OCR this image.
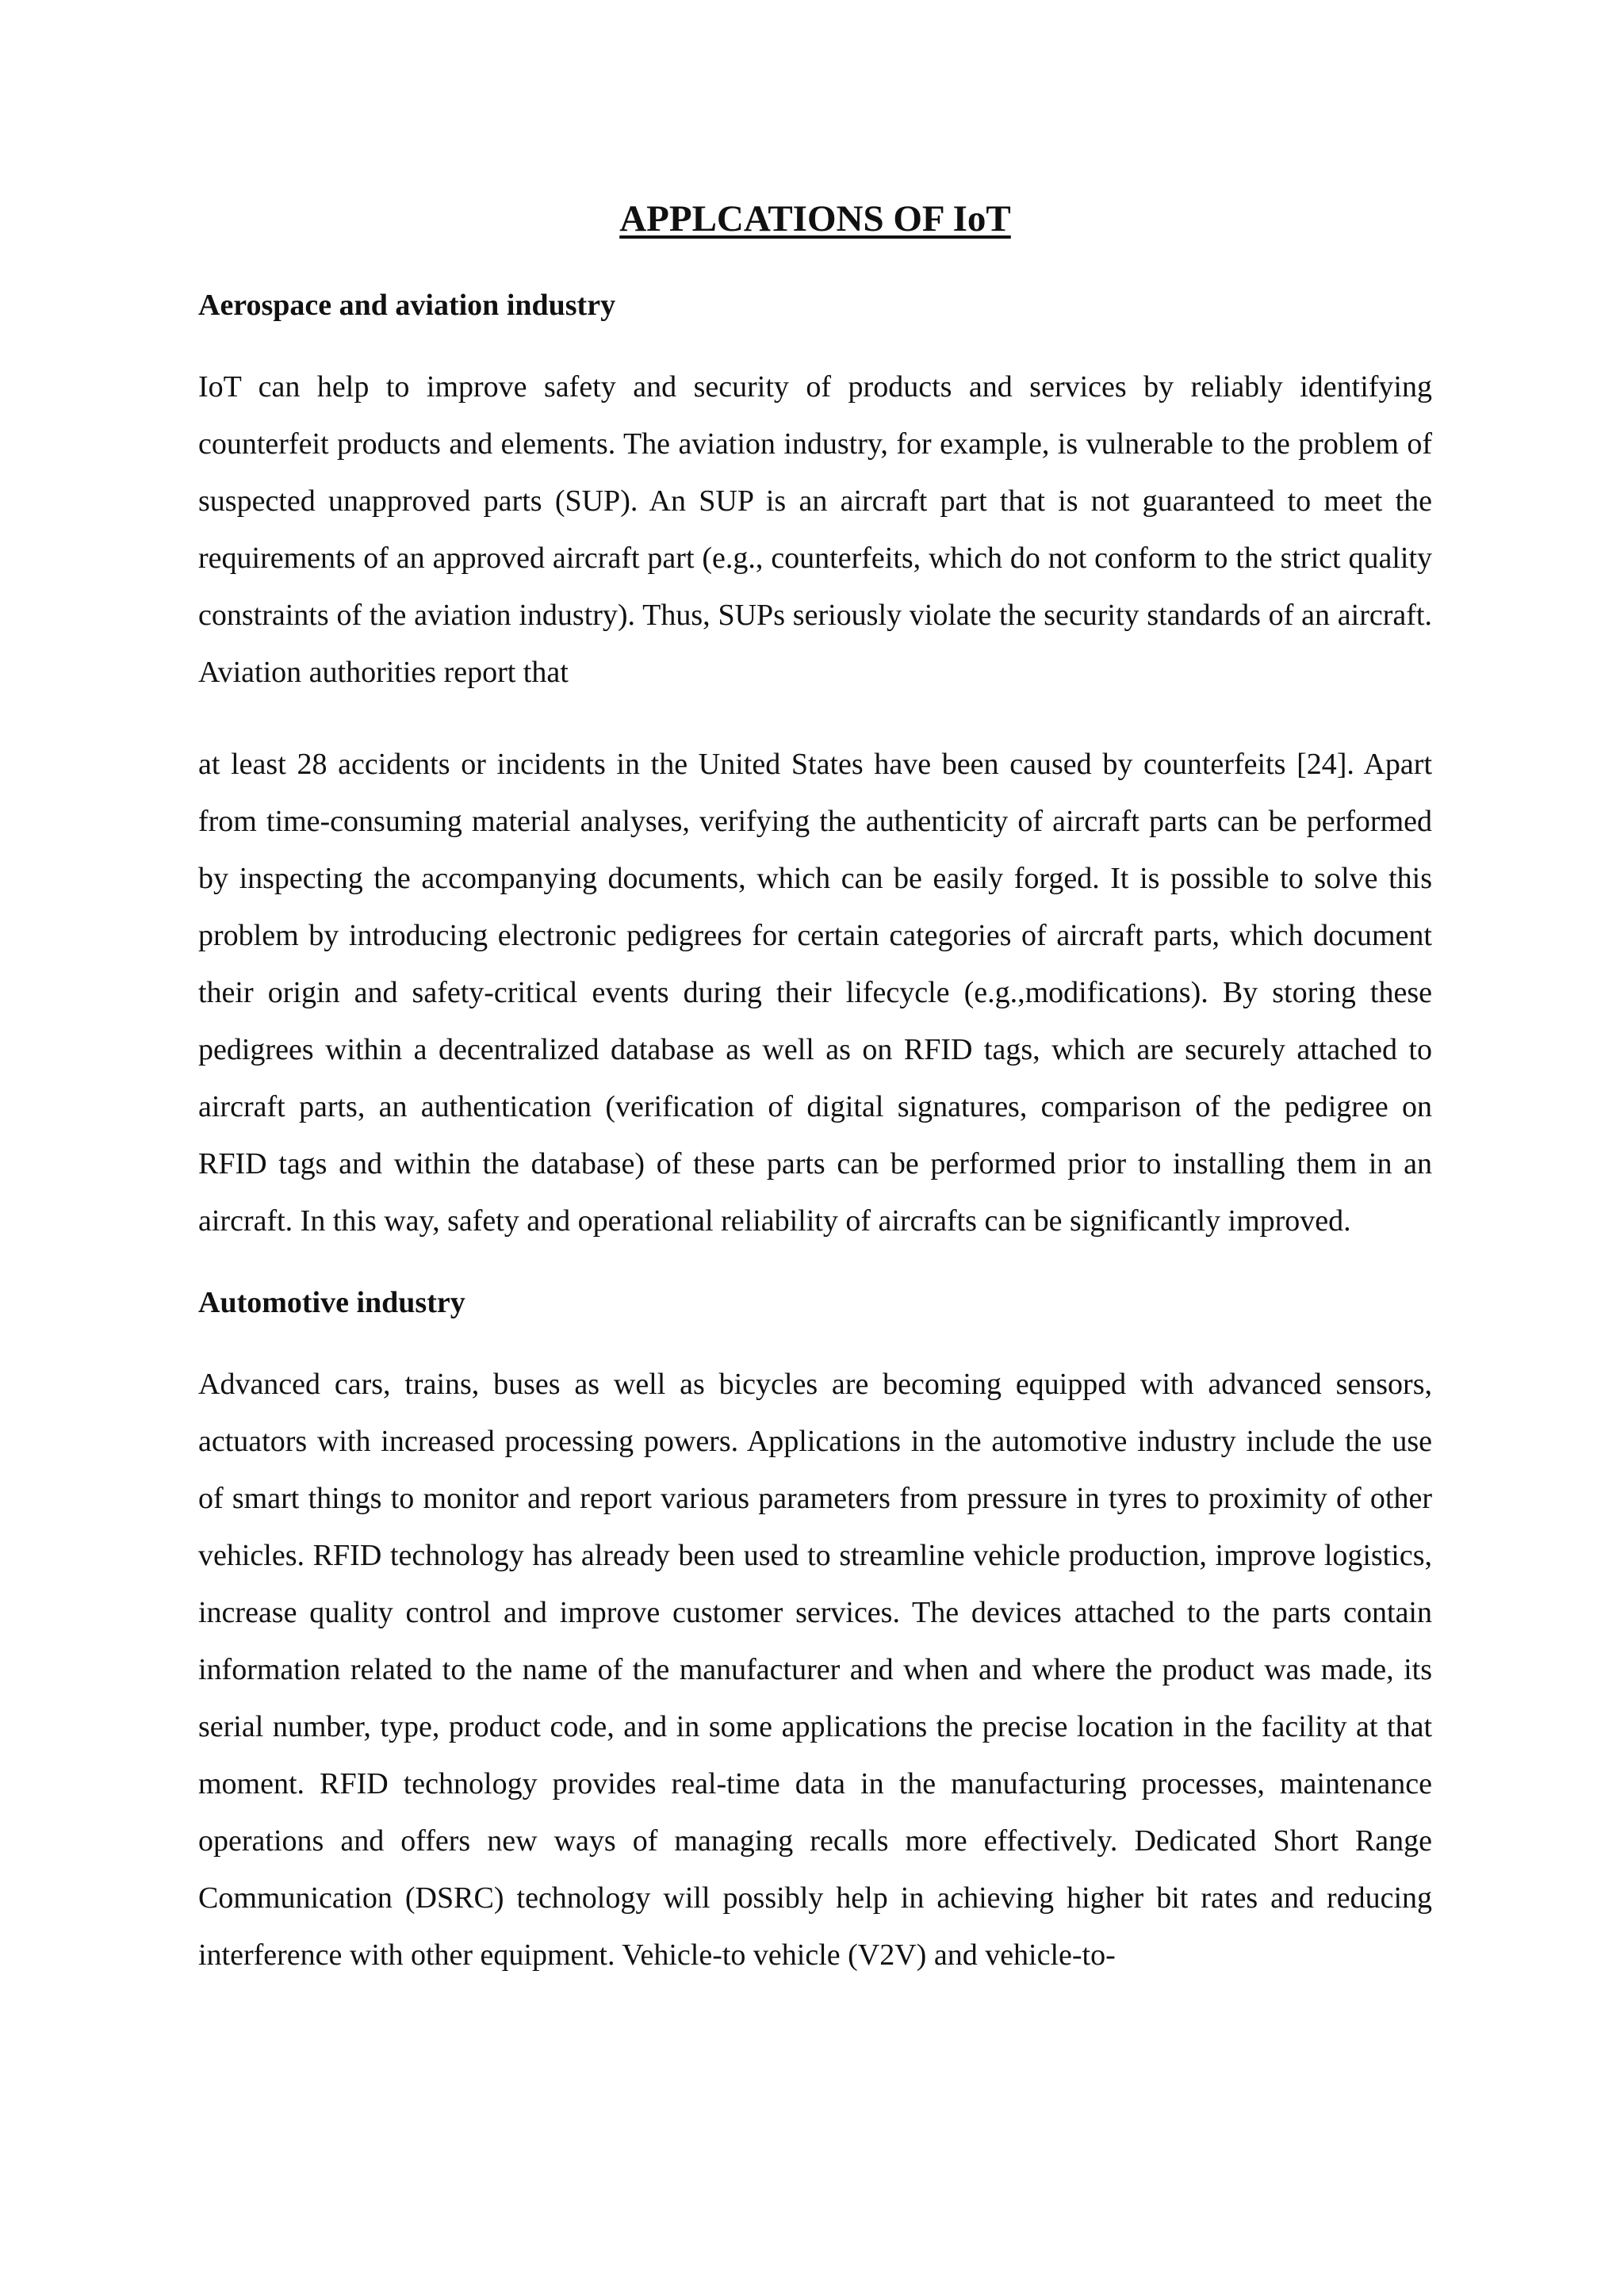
APPLCATIONS OF IoT
Aerospace and aviation industry

IoT can help to improve safety and security of products and services by reliably identifying counterfeit products and elements. The aviation industry, for example, is vulnerable to the problem of suspected unapproved parts (SUP). An SUP is an aircraft part that is not guaranteed to meet the requirements of an approved aircraft part (e.g., counterfeits, which do not conform to the strict quality constraints of the aviation industry). Thus, SUPs seriously violate the security standards of an aircraft. Aviation authorities report that

at least 28 accidents or incidents in the United States have been caused by counterfeits [24]. Apart from time-consuming material analyses, verifying the authenticity of aircraft parts can be performed by inspecting the accompanying documents, which can be easily forged. It is possible to solve this problem by introducing electronic pedigrees for certain categories of aircraft parts, which document their origin and safety-critical events during their lifecycle (e.g.,modifications). By storing these pedigrees within a decentralized database as well as on RFID tags, which are securely attached to aircraft parts, an authentication (verification of digital signatures, comparison of the pedigree on RFID tags and within the database) of these parts can be performed prior to installing them in an aircraft. In this way, safety and operational reliability of aircrafts can be significantly improved.

Automotive industry

Advanced cars, trains, buses as well as bicycles are becoming equipped with advanced sensors, actuators with increased processing powers. Applications in the automotive industry include the use of smart things to monitor and report various parameters from pressure in tyres to proximity of other vehicles. RFID technology has already been used to streamline vehicle production, improve logistics, increase quality control and improve customer services. The devices attached to the parts contain information related to the name of the manufacturer and when and where the product was made, its serial number, type, product code, and in some applications the precise location in the facility at that moment. RFID technology provides real-time data in the manufacturing processes, maintenance operations and offers new ways of managing recalls more effectively. Dedicated Short Range Communication (DSRC) technology will possibly help in achieving higher bit rates and reducing interference with other equipment. Vehicle-to vehicle (V2V) and vehicle-to-
